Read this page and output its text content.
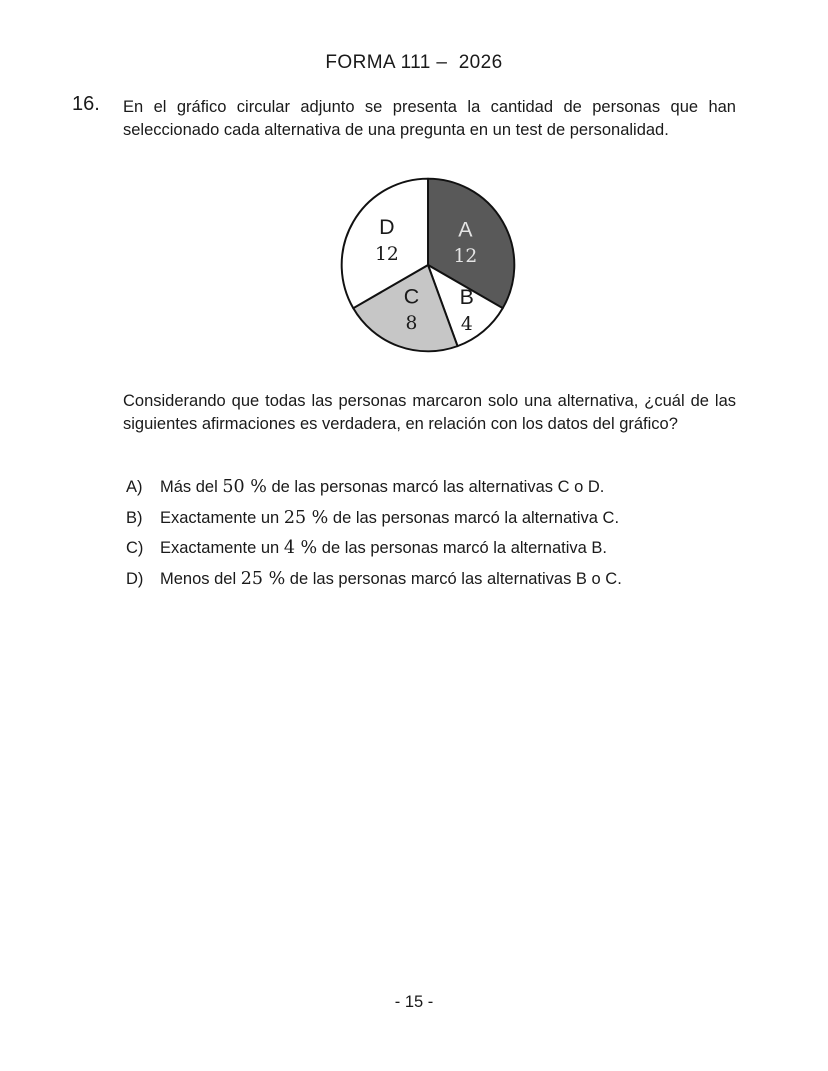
FORMA 111 –  2026
16. En el gráfico circular adjunto se presenta la cantidad de personas que han seleccionado cada alternativa de una pregunta en un test de personalidad.
A 12
B 4
C 8
D 12
Considerando que todas las personas marcaron solo una alternativa, ¿cuál de las siguientes afirmaciones es verdadera, en relación con los datos del gráfico?
A)	Más del 50 % de las personas marcó las alternativas C o D.
B)	Exactamente un 25 % de las personas marcó la alternativa C.
C)	Exactamente un 4 % de las personas marcó la alternativa B.
D)	Menos del 25 % de las personas marcó las alternativas B o C.
- 15 -
